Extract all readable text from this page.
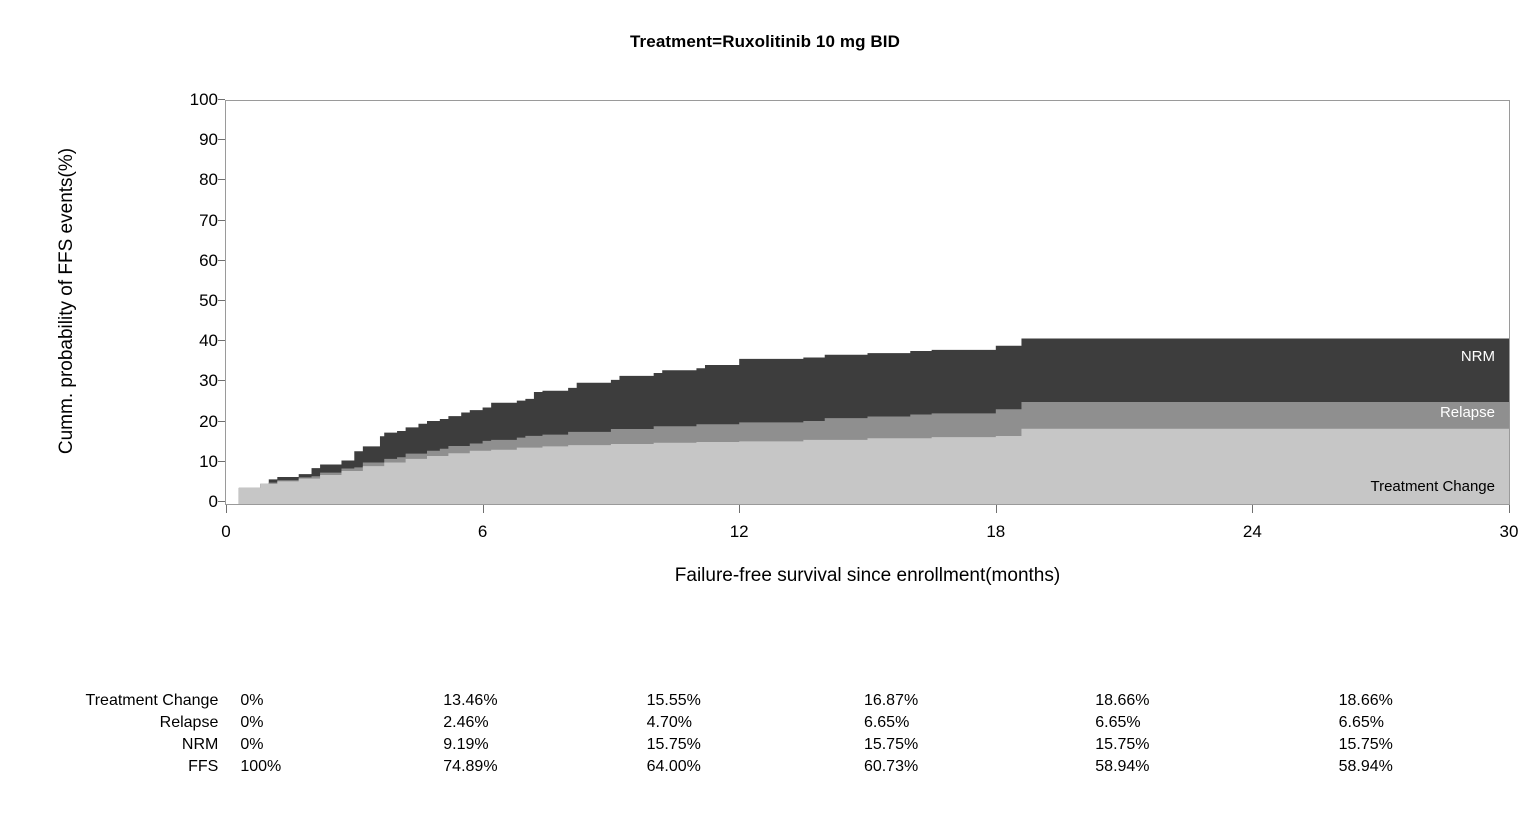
Treatment=Ruxolitinib 10 mg BID
Cumm. probability of FFS events(%)
0
10
20
30
40
50
60
70
80
90
100
NRM
Relapse
Treatment Change
0	6	12	18	24	30
Failure-free survival since enrollment(months)
Treatment Change	0%	13.46%	15.55%	16.87%	18.66%	18.66%
Relapse	0%	2.46%	4.70%	6.65%	6.65%	6.65%
NRM	0%	9.19%	15.75%	15.75%	15.75%	15.75%
FFS	100%	74.89%	64.00%	60.73%	58.94%	58.94%
